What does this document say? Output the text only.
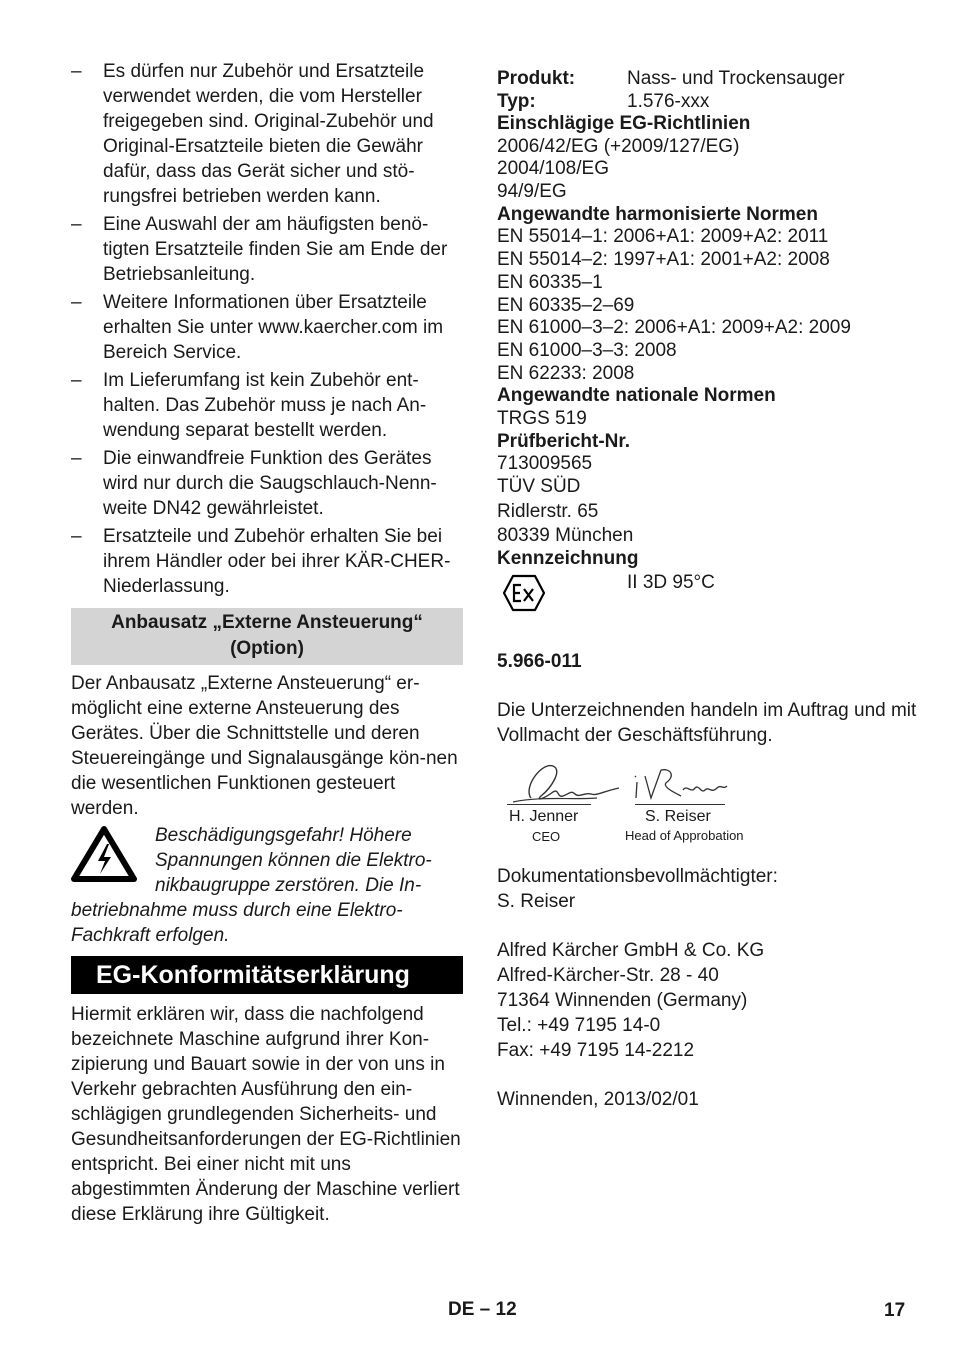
– Es dürfen nur Zubehör und Ersatzteile verwendet werden, die vom Hersteller freigegeben sind. Original-Zubehör und Original-Ersatzteile bieten die Gewähr dafür, dass das Gerät sicher und stö-rungsfrei betrieben werden kann.
– Eine Auswahl der am häufigsten benö-tigten Ersatzteile finden Sie am Ende der Betriebsanleitung.
– Weitere Informationen über Ersatzteile erhalten Sie unter www.kaercher.com im Bereich Service.
– Im Lieferumfang ist kein Zubehör ent-halten. Das Zubehör muss je nach An-wendung separat bestellt werden.
– Die einwandfreie Funktion des Gerätes wird nur durch die Saugschlauch-Nenn-weite DN42 gewährleistet.
– Ersatzteile und Zubehör erhalten Sie bei ihrem Händler oder bei ihrer KÄR-CHER-Niederlassung.
Anbausatz „Externe Ansteuerung“
(Option)
Der Anbausatz „Externe Ansteuerung“ er-möglicht eine externe Ansteuerung des Gerätes. Über die Schnittstelle und deren Steuereingänge und Signalausgänge kön-nen die wesentlichen Funktionen gesteuert werden.
Beschädigungsgefahr! Höhere Spannungen können die Elektro-nikbaugruppe zerstören. Die In-betriebnahme muss durch eine Elektro-Fachkraft erfolgen.
EG-Konformitätserklärung
Hiermit erklären wir, dass die nachfolgend bezeichnete Maschine aufgrund ihrer Kon-zipierung und Bauart sowie in der von uns in Verkehr gebrachten Ausführung den ein-schlägigen grundlegenden Sicherheits- und Gesundheitsanforderungen der EG-Richtlinien entspricht. Bei einer nicht mit uns abgestimmten Änderung der Maschine verliert diese Erklärung ihre Gültigkeit.
Produkt:	Nass- und Trockensauger
Typ:	1.576-xxx
Einschlägige EG-Richtlinien
2006/42/EG (+2009/127/EG)
2004/108/EG
94/9/EG
Angewandte harmonisierte Normen
EN 55014–1: 2006+A1: 2009+A2: 2011
EN 55014–2: 1997+A1: 2001+A2: 2008
EN 60335–1
EN 60335–2–69
EN 61000–3–2: 2006+A1: 2009+A2: 2009
EN 61000–3–3: 2008
EN 62233: 2008
Angewandte nationale Normen
TRGS 519
Prüfbericht-Nr.
713009565
TÜV SÜD
Ridlerstr. 65
80339 München
Kennzeichnung
II 3D 95°C
5.966-011
Die Unterzeichnenden handeln im Auftrag und mit Vollmacht der Geschäftsführung.
H. Jenner	S. Reiser
CEO	Head of Approbation
Dokumentationsbevollmächtigter:
S. Reiser
Alfred Kärcher GmbH & Co. KG
Alfred-Kärcher-Str. 28 - 40
71364 Winnenden (Germany)
Tel.: +49 7195 14-0
Fax: +49 7195 14-2212
Winnenden, 2013/02/01
DE – 12	17
